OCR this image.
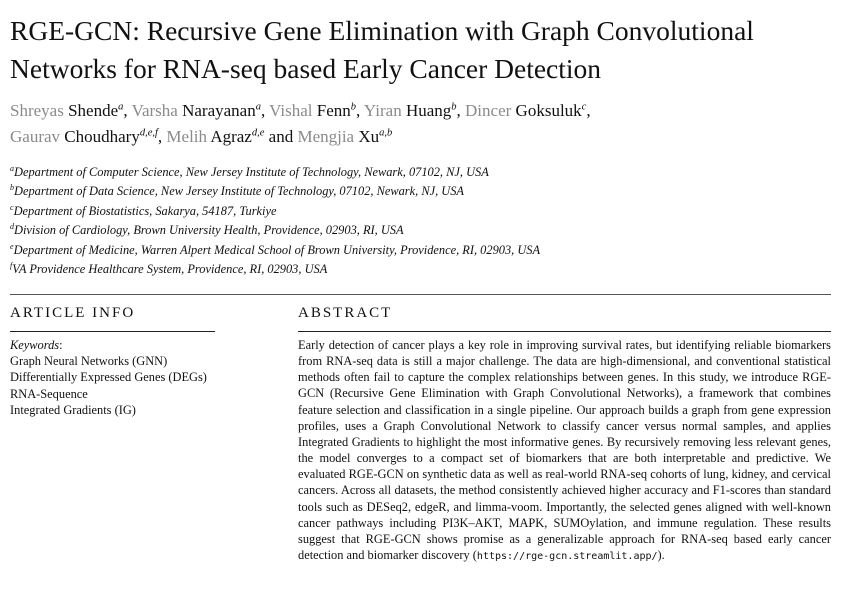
RGE-GCN: Recursive Gene Elimination with Graph Convolutional Networks for RNA-seq based Early Cancer Detection
Shreyas Shende$^a$, Varsha Narayanan$^a$, Vishal Fenn$^b$, Yiran Huang$^b$, Dincer Goksuluk$^c$,
Gaurav Choudhary$^{d,e,f}$, Melih Agraz$^{d,e}$ and Mengjia Xu$^{a,b}$
$^a$Department of Computer Science, New Jersey Institute of Technology, Newark, 07102, NJ, USA
$^b$Department of Data Science, New Jersey Institute of Technology, 07102, Newark, NJ, USA
$^c$Department of Biostatistics, Sakarya, 54187, Turkiye
$^d$Division of Cardiology, Brown University Health, Providence, 02903, RI, USA
$^e$Department of Medicine, Warren Alpert Medical School of Brown University, Providence, RI, 02903, USA
$^f$VA Providence Healthcare System, Providence, RI, 02903, USA
ARTICLE INFO	ABSTRACT
Keywords:
Graph Neural Networks (GNN)
Differentially Expressed Genes (DEGs)
RNA-Sequence
Integrated Gradients (IG)
Early detection of cancer plays a key role in improving survival rates, but identifying reliable biomarkers from RNA-seq data is still a major challenge. The data are high-dimensional, and conventional statistical methods often fail to capture the complex relationships between genes. In this study, we introduce RGE-GCN (Recursive Gene Elimination with Graph Convolutional Networks), a framework that combines feature selection and classification in a single pipeline. Our approach builds a graph from gene expression profiles, uses a Graph Convolutional Network to classify cancer versus normal samples, and applies Integrated Gradients to highlight the most informative genes. By recursively removing less relevant genes, the model converges to a compact set of biomarkers that are both interpretable and predictive. We evaluated RGE-GCN on synthetic data as well as real-world RNA-seq cohorts of lung, kidney, and cervical cancers. Across all datasets, the method consistently achieved higher accuracy and F1-scores than standard tools such as DESeq2, edgeR, and limma-voom. Importantly, the selected genes aligned with well-known cancer pathways including PI3K–AKT, MAPK, SUMOylation, and immune regulation. These results suggest that RGE-GCN shows promise as a generalizable approach for RNA-seq based early cancer detection and biomarker discovery (https://rge-gcn.streamlit.app/).
